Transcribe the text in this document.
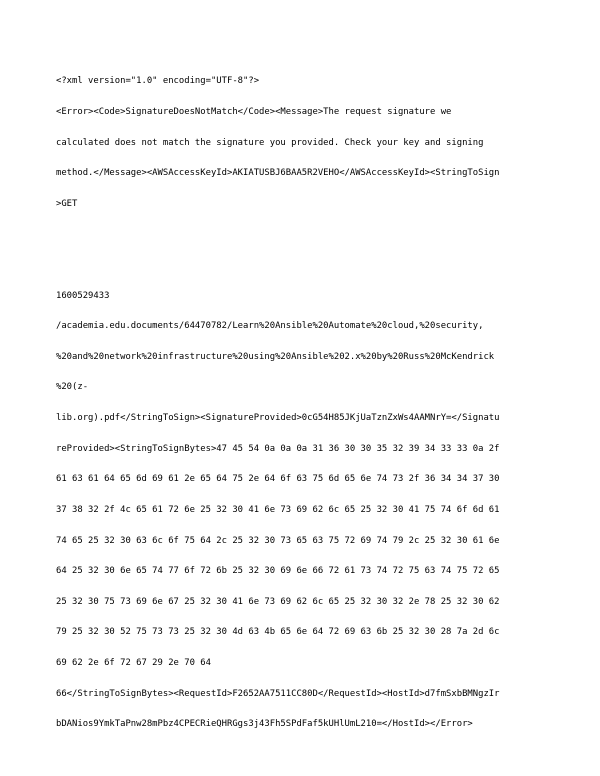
<?xml version="1.0" encoding="UTF-8"?>

<Error><Code>SignatureDoesNotMatch</Code><Message>The request signature we

calculated does not match the signature you provided. Check your key and signing

method.</Message><AWSAccessKeyId>AKIATUSBJ6BAA5R2VEHO</AWSAccessKeyId><StringToSign

>GET

1600529433

/academia.edu.documents/64470782/Learn%20Ansible%20Automate%20cloud,%20security,

%20and%20network%20infrastructure%20using%20Ansible%202.x%20by%20Russ%20McKendrick

%20(z-

lib.org).pdf</StringToSign><SignatureProvided>0cG54H85JKjUaTznZxWs4AAMNrY=</Signatu

reProvided><StringToSignBytes>47 45 54 0a 0a 0a 31 36 30 30 35 32 39 34 33 33 0a 2f

61 63 61 64 65 6d 69 61 2e 65 64 75 2e 64 6f 63 75 6d 65 6e 74 73 2f 36 34 34 37 30

37 38 32 2f 4c 65 61 72 6e 25 32 30 41 6e 73 69 62 6c 65 25 32 30 41 75 74 6f 6d 61

74 65 25 32 30 63 6c 6f 75 64 2c 25 32 30 73 65 63 75 72 69 74 79 2c 25 32 30 61 6e

64 25 32 30 6e 65 74 77 6f 72 6b 25 32 30 69 6e 66 72 61 73 74 72 75 63 74 75 72 65

25 32 30 75 73 69 6e 67 25 32 30 41 6e 73 69 62 6c 65 25 32 30 32 2e 78 25 32 30 62

79 25 32 30 52 75 73 73 25 32 30 4d 63 4b 65 6e 64 72 69 63 6b 25 32 30 28 7a 2d 6c

69 62 2e 6f 72 67 29 2e 70 64

66</StringToSignBytes><RequestId>F2652AA7511CC80D</RequestId><HostId>d7fmSxbBMNgzIr

bDANios9YmkTaPnw28mPbz4CPECRieQHRGgs3j43Fh5SPdFaf5kUHlUmL210=</HostId></Error>
